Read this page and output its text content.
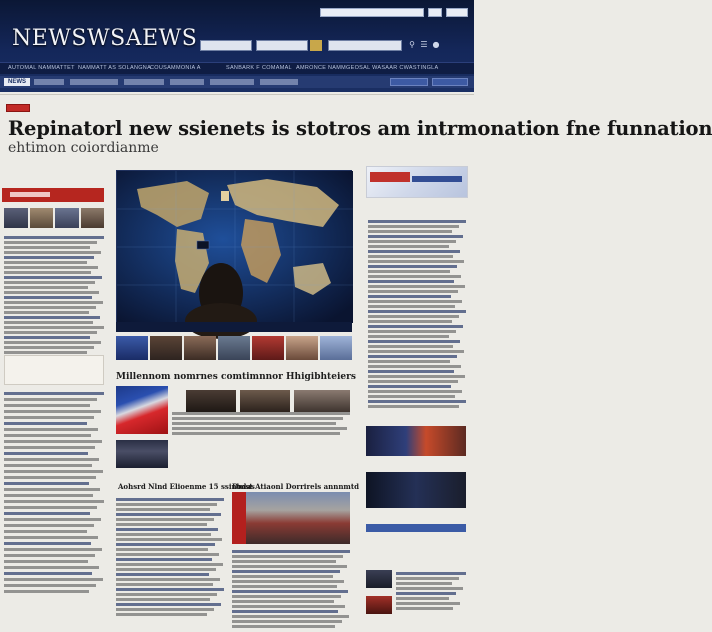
NEWSWSAEWS	⚲ ☰ ●
AUTOMAL NAMMATTET NAMMATT AS SOLANGNA
COUSAMMONIA A	SANBARK F COMAMAL AMRONCE NAMMGEOSAL WASAAR CWASTINGLA
NEWS
Repinatorl new ssienets is stotros am intrmonation fne funnation
ehtimon coiordianme
Millennom nomrnes comtimnnor Hhigibhteiers
Aohsrd Nlnd Elioenme 15 ssinbdas
Dmst Atiaonl Dorrirels annnmtd
